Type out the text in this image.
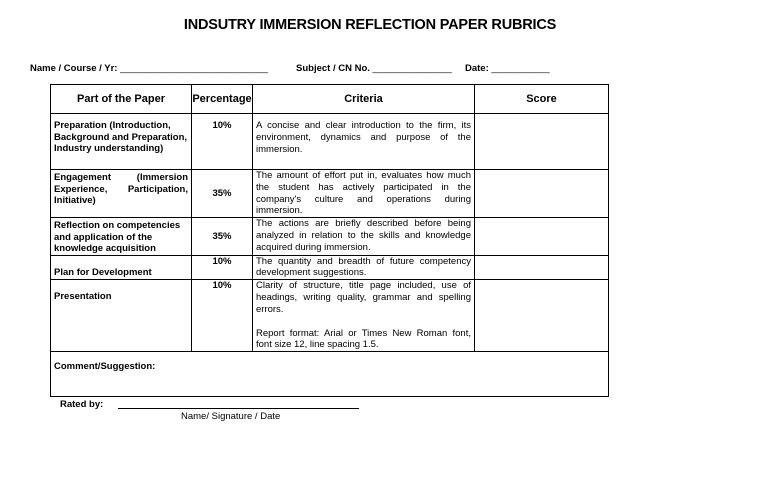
INDSUTRY IMMERSION REFLECTION PAPER RUBRICS
Name / Course / Yr: ____________________________	Subject / CN No. _______________ Date: ___________
Part of the Paper	Percentage	Criteria	Score
Preparation (Introduction, Background and Preparation, Industry understanding)	10%	A concise and clear introduction to the firm, its environment, dynamics and purpose of the immersion.	
Engagement (Immersion Experience, Participation, Initiative)	35%	The amount of effort put in, evaluates how much the student has actively participated in the company's culture and operations during immersion.	
Reflection on competencies and application of the knowledge acquisition	35%	The actions are briefly described before being analyzed in relation to the skills and knowledge acquired during immersion.	
Plan for Development	10%	The quantity and breadth of future competency development suggestions.	
Presentation	10%	Clarity of structure, title page included, use of headings, writing quality, grammar and spelling errors.
Report format: Arial or Times New Roman font, font size 12, line spacing 1.5.	

Comment/Suggestion:			
Rated by:
Name/ Signature / Date
